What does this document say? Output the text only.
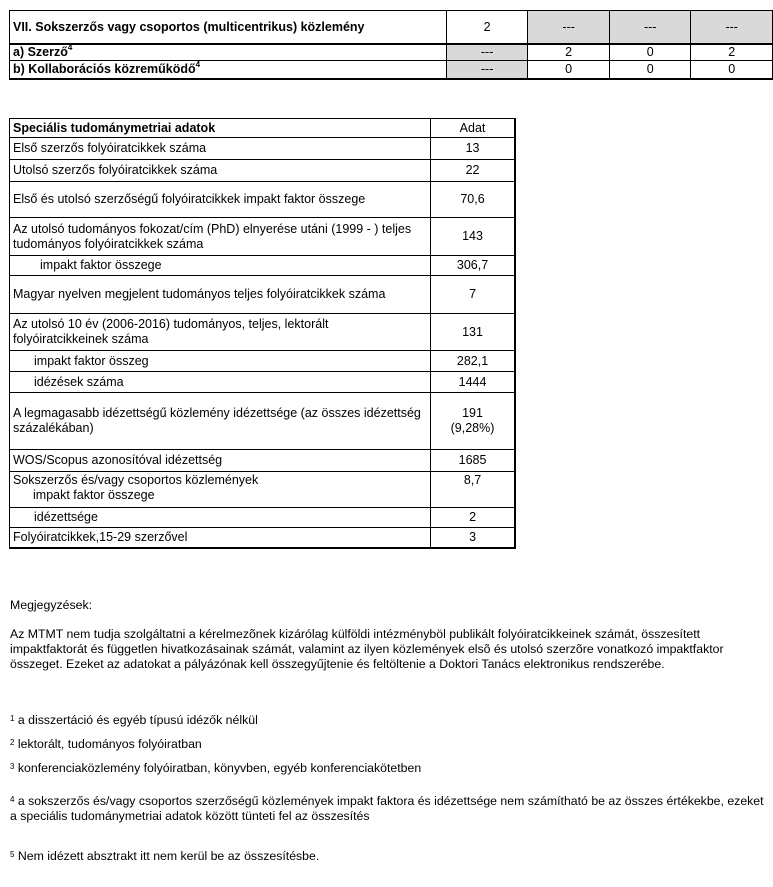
VII. Sokszerzős vagy csoportos (multicentrikus) közlemény	2	---	---	---
a) Szerző$^4$	---	2	0	2
b) Kollaborációs közreműködő$^4$	---	0	0	0
Speciális tudománymetriai adatok	Adat
Első szerzős folyóiratcikkek száma	13
Utolsó szerzős folyóiratcikkek száma	22
Első és utolsó szerzőségű folyóiratcikkek impakt faktor összege	70,6
Az utolsó tudományos fokozat/cím (PhD) elnyerése utáni (1999 - ) teljes tudományos folyóiratcikkek száma	143
impakt faktor összege	306,7
Magyar nyelven megjelent tudományos teljes folyóiratcikkek száma	7
Az utolsó 10 év (2006-2016) tudományos, teljes, lektorált folyóiratcikkeinek száma	131
impakt faktor összeg	282,1
idézések száma	1444
A legmagasabb idézettségű közlemény idézettsége (az összes idézettség százalékában)	191
(9,28%)

WOS/Scopus azonosítóval idézettség	1685

Sokszerzős és/vagy csoportos közlemények
impakt faktor összege	8,7
idézettsége	2
Folyóiratcikkek,15-29 szerzővel	3
Megjegyzések:
Az MTMT nem tudja szolgáltatni a kérelmezõnek kizárólag külföldi intézményböl publikált folyóiratcikkeinek számát, összesített impaktfaktorát és független hivatkozásainak számát, valamint az ilyen közlemények elsõ és utolsó szerzõre vonatkozó impaktfaktor összeget. Ezeket az adatokat a pályázónak kell összegyűjtenie és feltöltenie a Doktori Tanács elektronikus rendszerébe.
$^1$ a disszertáció és egyéb típusú idézők nélkül
$^2$ lektorált, tudományos folyóiratban
$^3$ konferenciaközlemény folyóiratban, könyvben, egyéb konferenciakötetben
$^4$ a sokszerzős és/vagy csoportos szerzőségű közlemények impakt faktora és idézettsége nem számítható be az összes értékekbe, ezeket a speciális tudománymetriai adatok között tünteti fel az összesítés
$^5$ Nem idézett absztrakt itt nem kerül be az összesítésbe.
